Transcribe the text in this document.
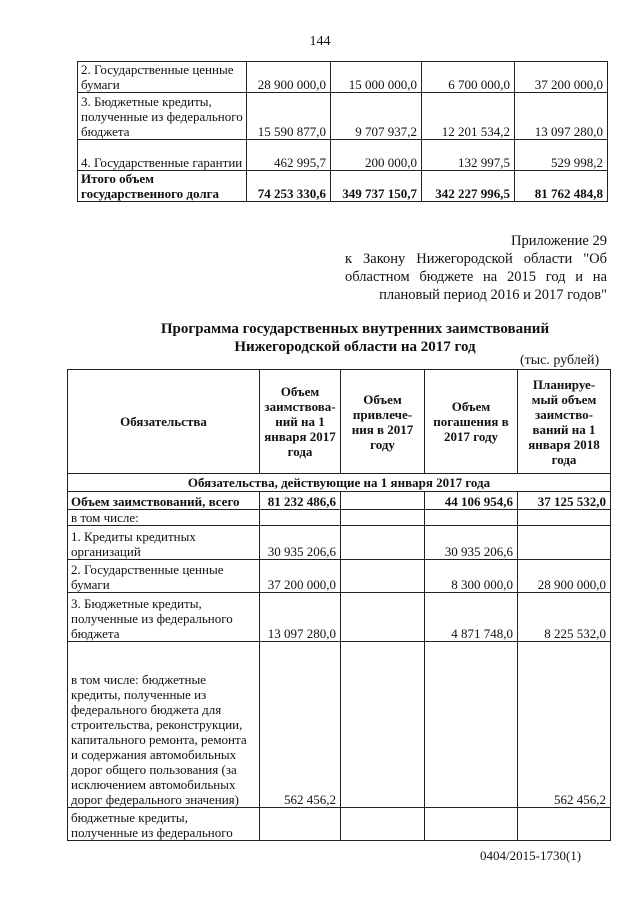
144
2. Государственные ценные бумаги	28 900 000,0	15 000 000,0	6 700 000,0	37 200 000,0
3. Бюджетные кредиты, полученные из федерального бюджета	15 590 877,0	9 707 937,2	12 201 534,2	13 097 280,0
4. Государственные гарантии	462 995,7	200 000,0	132 997,5	529 998,2
Итого объем государственного долга	74 253 330,6	349 737 150,7	342 227 996,5	81 762 484,8
Приложение 29
к Закону Нижегородской области "Об
областном бюджете на 2015 год и на
плановый период 2016 и 2017 годов"
Программа государственных внутренних заимствований
Нижегородской области на 2017 год
(тыс. рублей)
Обязательства	Объем заимствова-ний на 1 января 2017 года	Объем привлече-ния в 2017 году	Объем погашения в 2017 году	Планируе-мый объем заимство-ваний на 1 января 2018 года
Обязательства, действующие на 1 января 2017 года				
Объем заимствований, всего	81 232 486,6		44 106 954,6	37 125 532,0
в том числе:				
1. Кредиты кредитных организаций	30 935 206,6		30 935 206,6	
2. Государственные ценные бумаги	37 200 000,0		8 300 000,0	28 900 000,0
3. Бюджетные кредиты, полученные из федерального бюджета	13 097 280,0		4 871 748,0	8 225 532,0
в том числе: бюджетные кредиты, полученные из федерального бюджета для строительства, реконструкции, капитального ремонта, ремонта и содержания автомобильных дорог общего пользования (за исключением автомобильных дорог федерального значения)	562 456,2			562 456,2
бюджетные кредиты, полученные из федерального				
0404/2015-1730(1)
